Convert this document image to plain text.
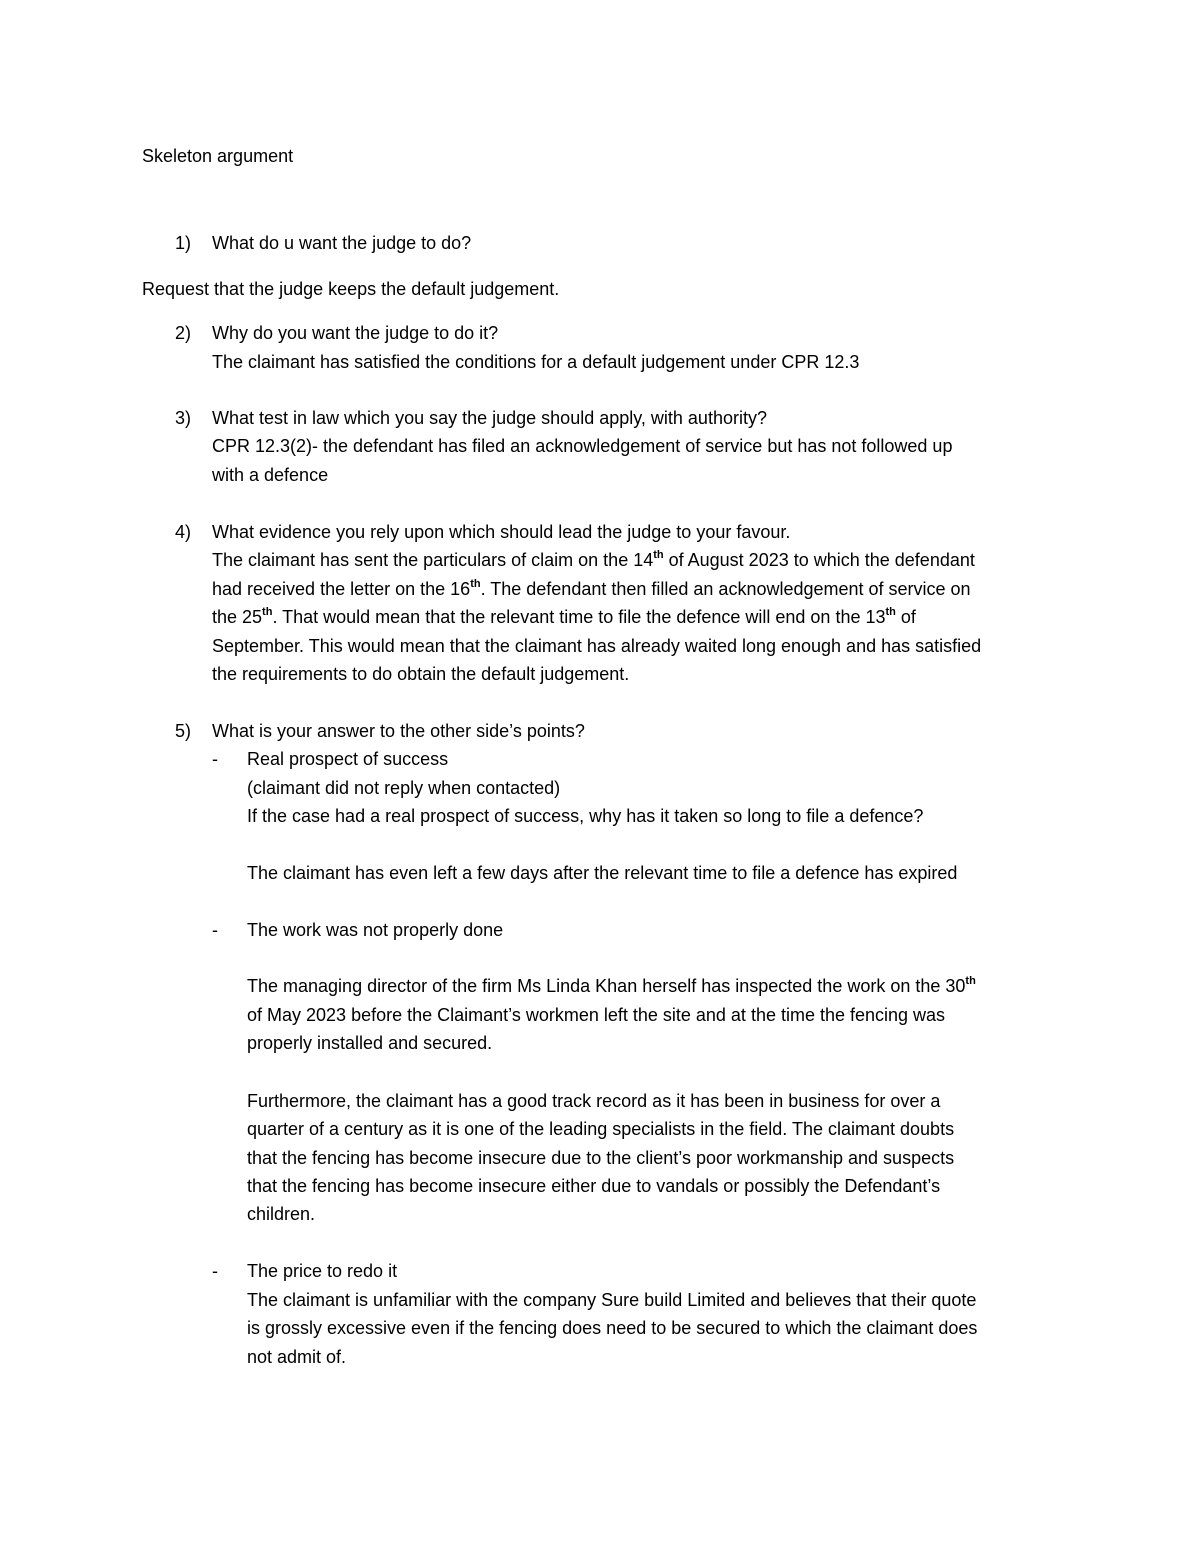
Skeleton argument
1) What do u want the judge to do?
Request that the judge keeps the default judgement.
2) Why do you want the judge to do it?
The claimant has satisfied the conditions for a default judgement under CPR 12.3
3) What test in law which you say the judge should apply, with authority?
CPR 12.3(2)- the defendant has filed an acknowledgement of service but has not followed up
with a defence
4) What evidence you rely upon which should lead the judge to your favour.
The claimant has sent the particulars of claim on the 14th of August 2023 to which the defendant
had received the letter on the 16th. The defendant then filled an acknowledgement of service on
the 25th. That would mean that the relevant time to file the defence will end on the 13th of
September. This would mean that the claimant has already waited long enough and has satisfied
the requirements to do obtain the default judgement.
5) What is your answer to the other side’s points?
- Real prospect of success
(claimant did not reply when contacted)
If the case had a real prospect of success, why has it taken so long to file a defence?
The claimant has even left a few days after the relevant time to file a defence has expired
- The work was not properly done
The managing director of the firm Ms Linda Khan herself has inspected the work on the 30th
of May 2023 before the Claimant’s workmen left the site and at the time the fencing was
properly installed and secured.
Furthermore, the claimant has a good track record as it has been in business for over a
quarter of a century as it is one of the leading specialists in the field. The claimant doubts
that the fencing has become insecure due to the client’s poor workmanship and suspects
that the fencing has become insecure either due to vandals or possibly the Defendant’s
children.
- The price to redo it
The claimant is unfamiliar with the company Sure build Limited and believes that their quote
is grossly excessive even if the fencing does need to be secured to which the claimant does
not admit of.
